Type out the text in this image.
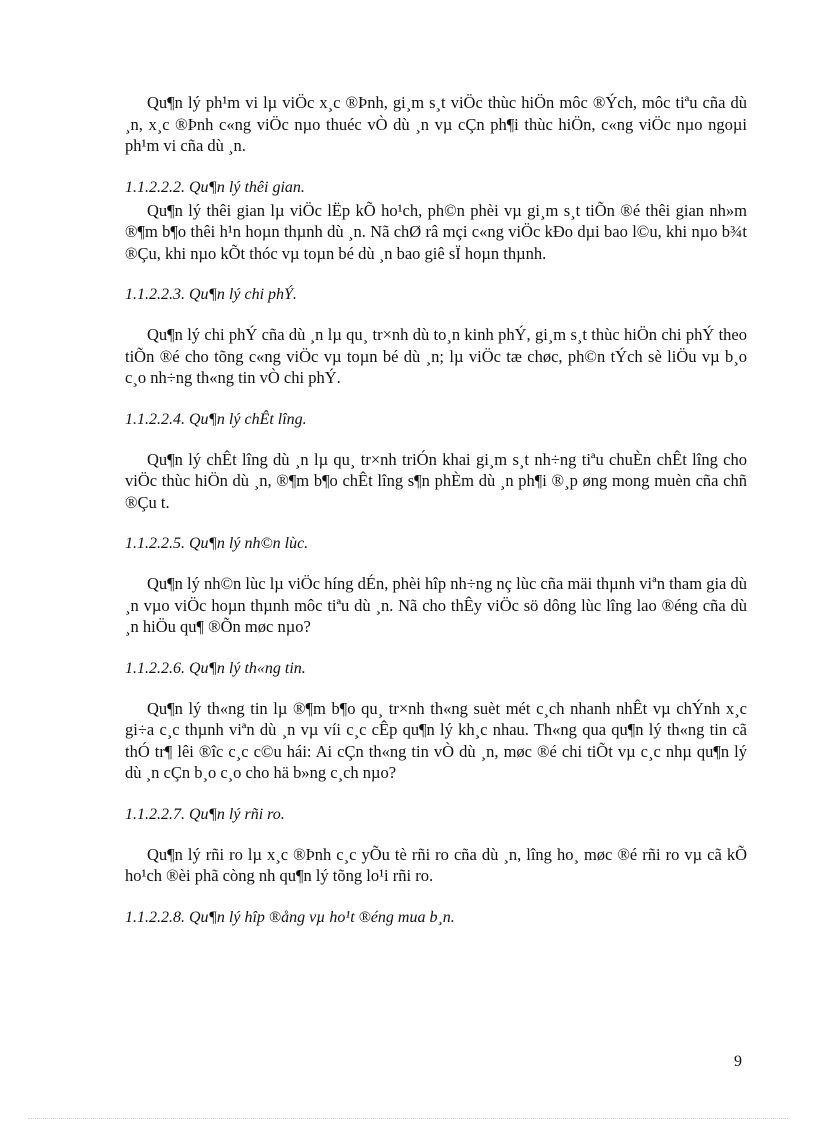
Qu¶n lý ph¹m vi lµ viÖc x¸c ®Þnh, gi¸m s¸t viÖc thùc hiÖn môc ®Ých, môc tiªu cña dù ¸n, x¸c ®Þnh c«ng viÖc nµo thuéc vÒ dù ¸n vµ cÇn ph¶i thùc hiÖn, c«ng viÖc nµo ngoµi ph¹m vi cña dù ¸n.

1.1.2.2.2. Qu¶n lý thêi gian.

Qu¶n lý thêi gian lµ viÖc lËp kÕ ho¹ch, ph©n phèi vµ gi¸m s¸t tiÕn ®é thêi gian nh»m ®¶m b¶o thêi h¹n hoµn thµnh dù ¸n. Nã chØ râ mçi c«ng viÖc kÐo dµi bao l©u, khi nµo b¾t ®Çu, khi nµo kÕt thóc vµ toµn bé dù ¸n bao giê sÏ hoµn thµnh.

1.1.2.2.3. Qu¶n lý chi phÝ.

Qu¶n lý chi phÝ cña dù ¸n lµ qu¸ tr×nh dù to¸n kinh phÝ, gi¸m s¸t thùc hiÖn chi phÝ theo tiÕn ®é cho tõng c«ng viÖc vµ toµn bé dù ¸n; lµ viÖc tæ chøc, ph©n tÝch sè liÖu vµ b¸o c¸o nh÷ng th«ng tin vÒ chi phÝ.

1.1.2.2.4. Qu¶n lý chÊt lîng.

Qu¶n lý chÊt lîng dù ¸n lµ qu¸ tr×nh triÓn khai gi¸m s¸t nh÷ng tiªu chuÈn chÊt lîng cho viÖc thùc hiÖn dù ¸n, ®¶m b¶o chÊt lîng s¶n phÈm dù ¸n ph¶i ®¸p øng mong muèn cña chñ ®Çu t.

1.1.2.2.5. Qu¶n lý nh©n lùc.

Qu¶n lý nh©n lùc lµ viÖc híng dÉn, phèi hîp nh÷ng nç lùc cña mäi thµnh viªn tham gia dù ¸n vµo viÖc hoµn thµnh môc tiªu dù ¸n. Nã cho thÊy viÖc sö dông lùc lîng lao ®éng cña dù ¸n hiÖu qu¶ ®Õn møc nµo?

1.1.2.2.6. Qu¶n lý th«ng tin.

Qu¶n lý th«ng tin lµ ®¶m b¶o qu¸ tr×nh th«ng suèt mét c¸ch nhanh nhÊt vµ chÝnh x¸c gi÷a c¸c thµnh viªn dù ¸n vµ víi c¸c cÊp qu¶n lý kh¸c nhau. Th«ng qua qu¶n lý th«ng tin cã thÓ tr¶ lêi ®îc c¸c c©u hái: Ai cÇn th«ng tin vÒ dù ¸n, møc ®é chi tiÕt vµ c¸c nhµ qu¶n lý dù ¸n cÇn b¸o c¸o cho hä b»ng c¸ch nµo?

1.1.2.2.7. Qu¶n lý rñi ro.

Qu¶n lý rñi ro lµ x¸c ®Þnh c¸c yÕu tè rñi ro cña dù ¸n, lîng ho¸ møc ®é rñi ro vµ cã kÕ ho¹ch ®èi phã còng nh qu¶n lý tõng lo¹i rñi ro.

1.1.2.2.8. Qu¶n lý hîp ®ång vµ ho¹t ®éng mua b¸n.

9
